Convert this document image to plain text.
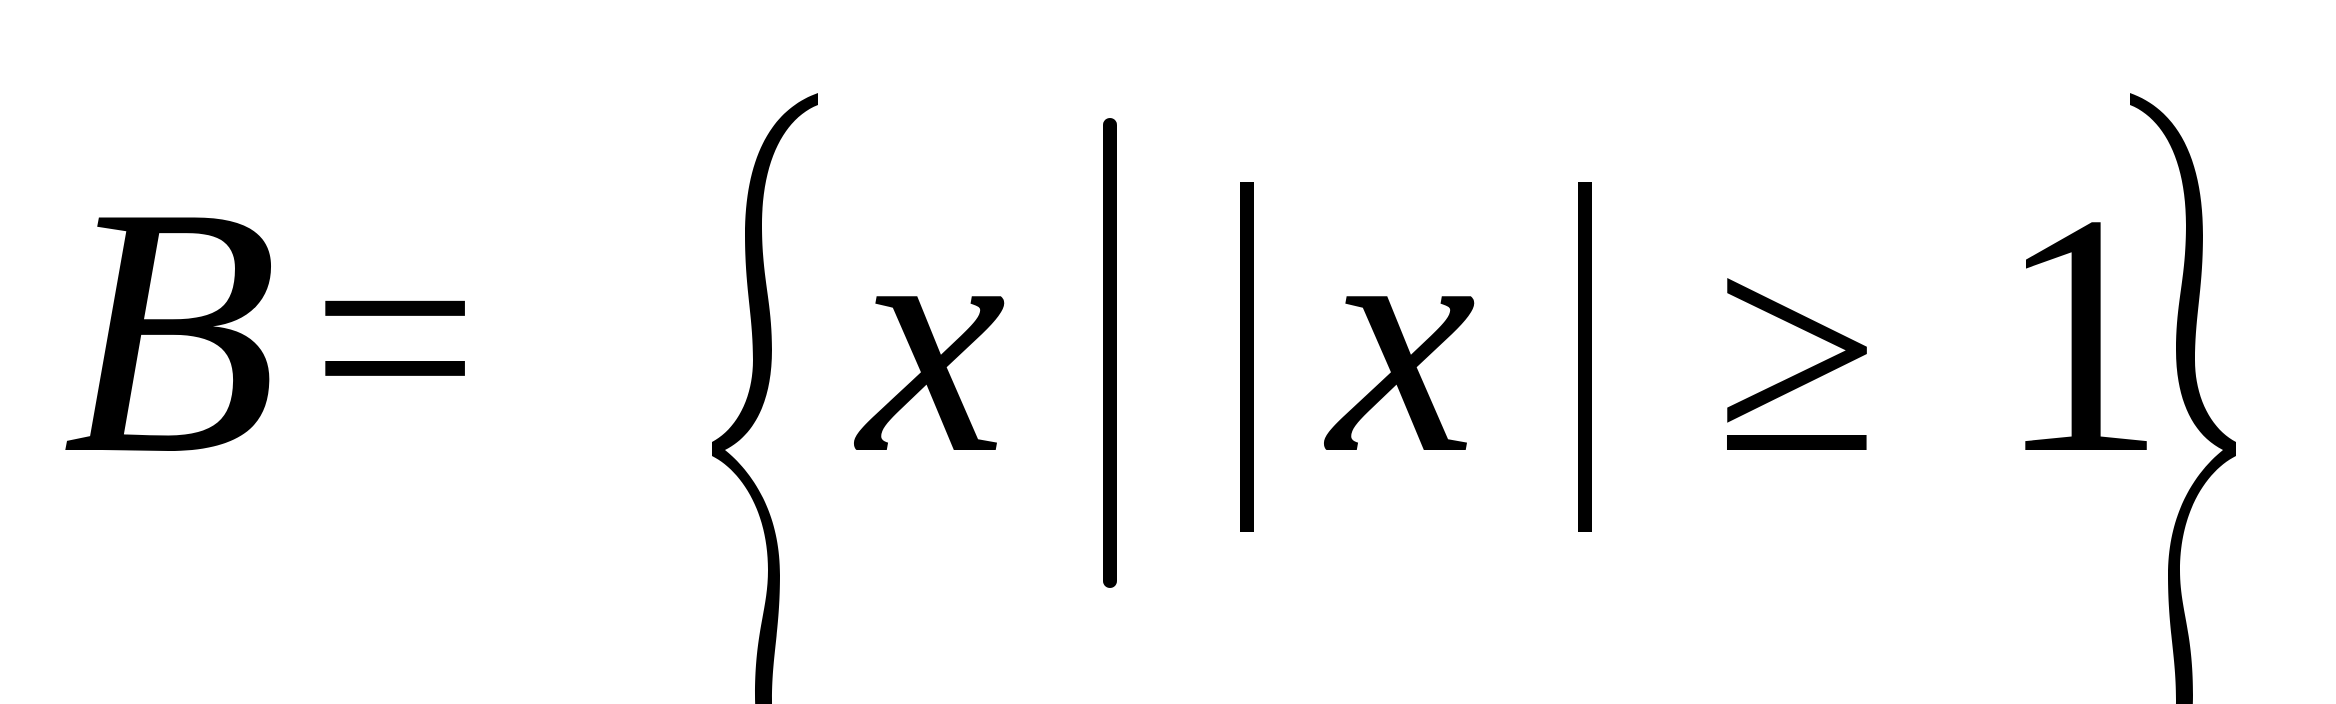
B = x x ≥ 1
